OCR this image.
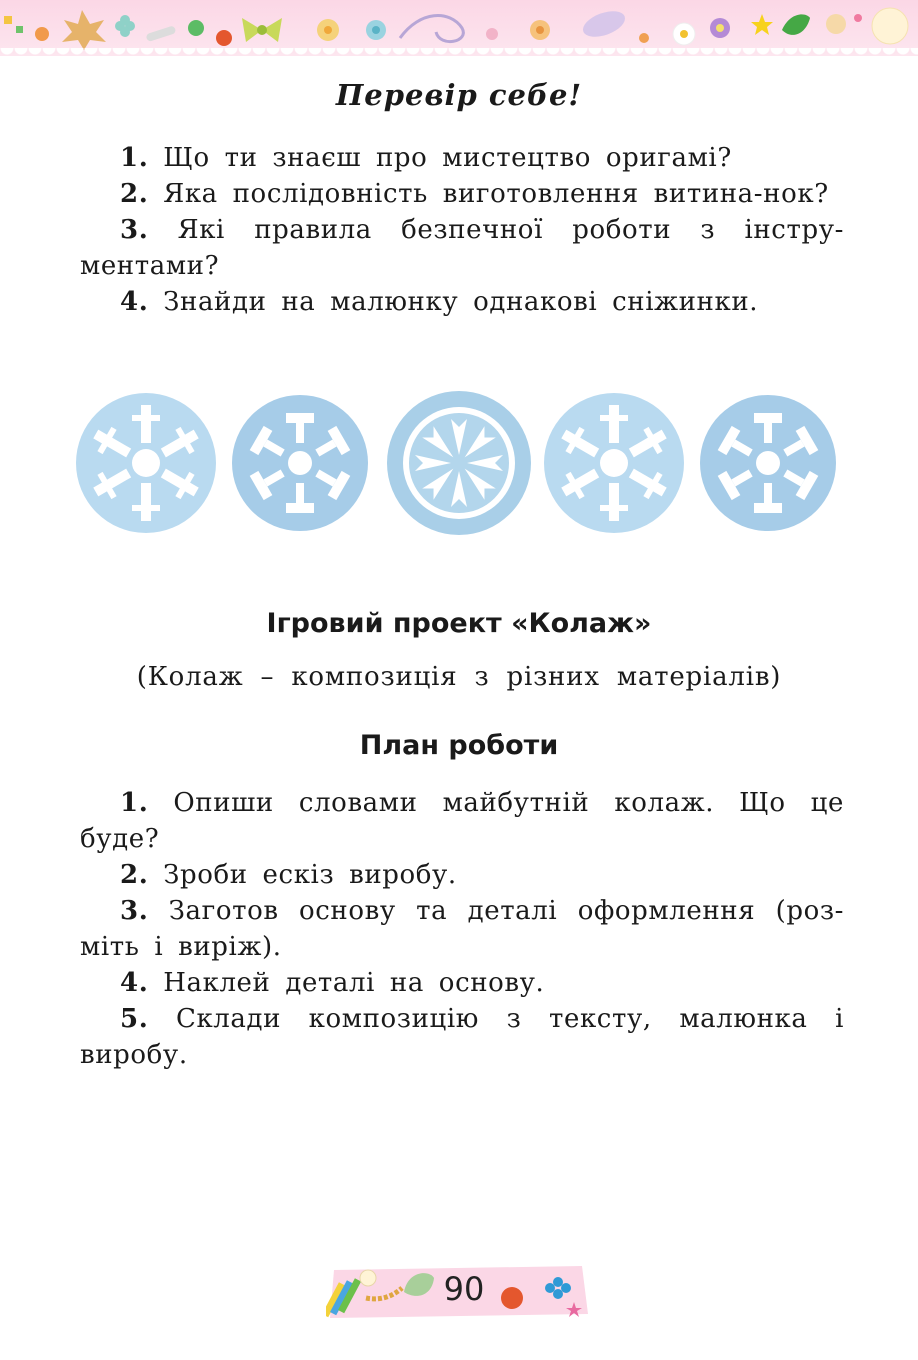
Перевір себе!
1. Що ти знаєш про мистецтво оригамі?
2. Яка послідовність виготовлення витина-нок?
3. Які правила безпечної роботи з інстру-ментами?
4. Знайди на малюнку однакові сніжинки.
Ігровий проект «Колаж»

(Колаж – композиція з різних матеріалів)

План роботи
1. Опиши словами майбутній колаж. Що це буде?
2. Зроби ескіз виробу.
3. Заготов основу та деталі оформлення (роз-міть і виріж).
4. Наклей деталі на основу.
5. Склади композицію з тексту, малюнка і виробу.
90
